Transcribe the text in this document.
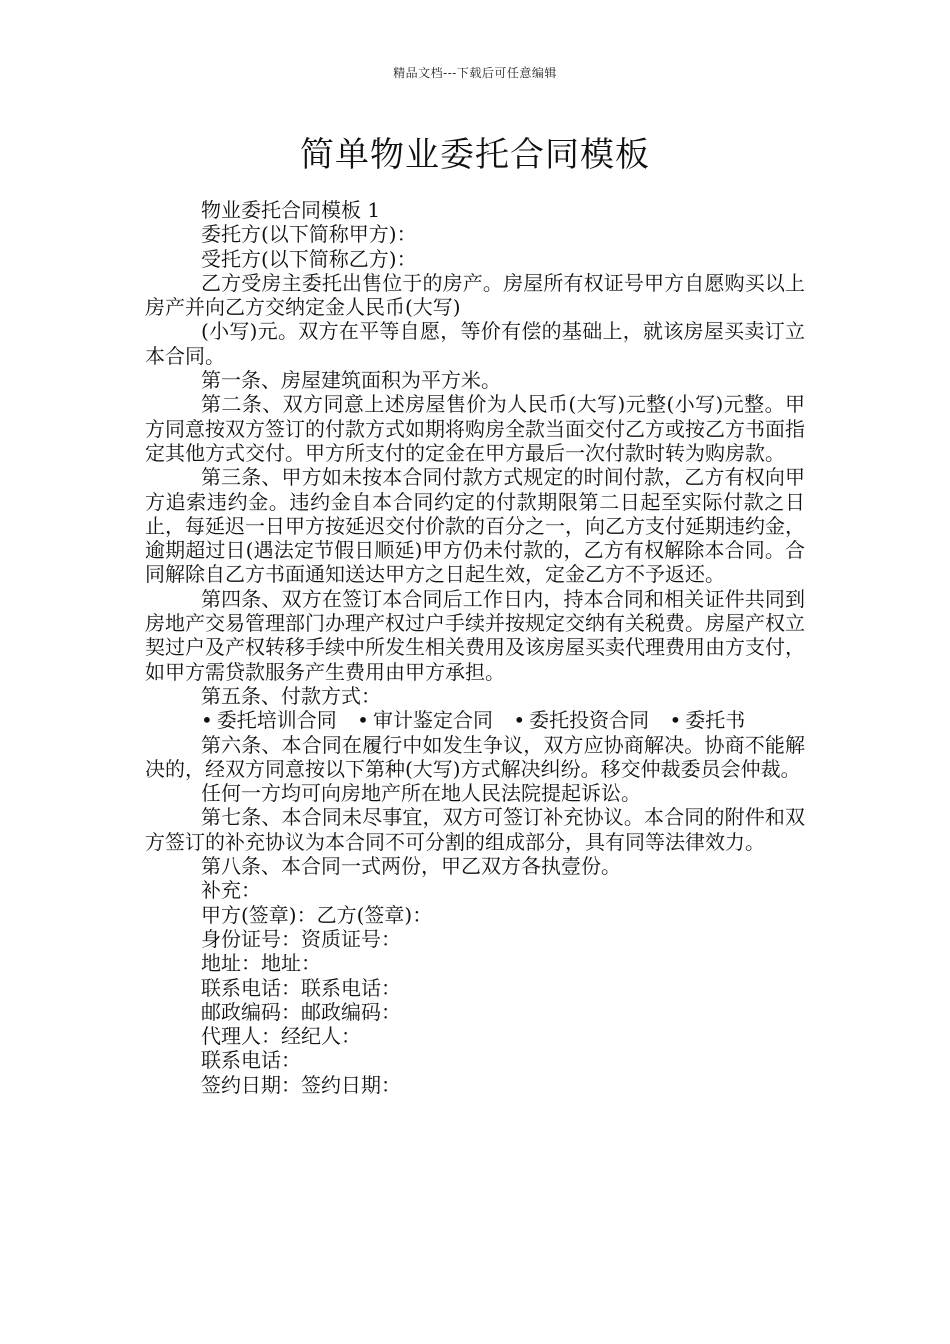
精品文档---下载后可任意编辑
简单物业委托合同模板

物业委托合同模板 1

委托方(以下简称甲方)：

受托方(以下简称乙方)：

乙方受房主委托出售位于的房产。房屋所有权证号甲方自愿购买以上房产并向乙方交纳定金人民币(大写)

(小写)元。双方在平等自愿，等价有偿的基础上，就该房屋买卖订立本合同。

第一条、房屋建筑面积为平方米。

第二条、双方同意上述房屋售价为人民币(大写)元整(小写)元整。甲方同意按双方签订的付款方式如期将购房全款当面交付乙方或按乙方书面指定其他方式交付。甲方所支付的定金在甲方最后一次付款时转为购房款。

第三条、甲方如未按本合同付款方式规定的时间付款，乙方有权向甲方追索违约金。违约金自本合同约定的付款期限第二日起至实际付款之日止，每延迟一日甲方按延迟交付价款的百分之一，向乙方支付延期违约金，逾期超过日(遇法定节假日顺延)甲方仍未付款的，乙方有权解除本合同。合同解除自乙方书面通知送达甲方之日起生效，定金乙方不予返还。

第四条、双方在签订本合同后工作日内，持本合同和相关证件共同到房地产交易管理部门办理产权过户手续并按规定交纳有关税费。房屋产权立契过户及产权转移手续中所发生相关费用及该房屋买卖代理费用由方支付，如甲方需贷款服务产生费用由甲方承担。

第五条、付款方式：

• 委托培训合同 • 审计鉴定合同 • 委托投资合同 • 委托书

第六条、本合同在履行中如发生争议，双方应协商解决。协商不能解决的，经双方同意按以下第种(大写)方式解决纠纷。移交仲裁委员会仲裁。

任何一方均可向房地产所在地人民法院提起诉讼。

第七条、本合同未尽事宜，双方可签订补充协议。本合同的附件和双方签订的补充协议为本合同不可分割的组成部分，具有同等法律效力。

第八条、本合同一式两份，甲乙双方各执壹份。

补充：

甲方(签章)：乙方(签章)：

身份证号：资质证号：

地址：地址：

联系电话：联系电话：

邮政编码：邮政编码：

代理人：经纪人：

联系电话：

签约日期：签约日期：
